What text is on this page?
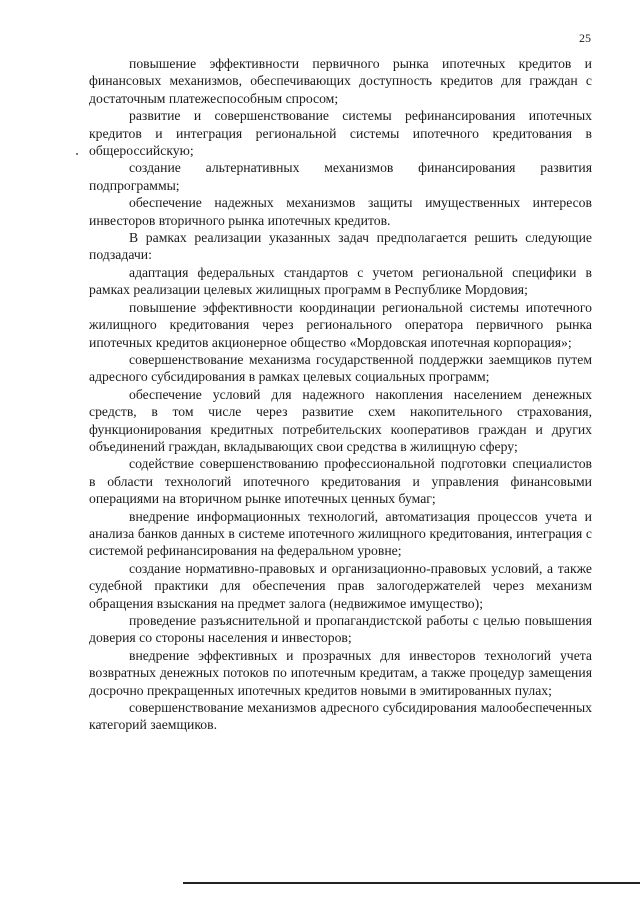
25

повышение эффективности первичного рынка ипотечных кредитов и финансовых механизмов, обеспечивающих доступность кредитов для граждан с достаточным платежеспособным спросом;

развитие и совершенствование системы рефинансирования ипотечных кредитов и интеграция региональной системы ипотечного кредитования в общероссийскую;

создание альтернативных механизмов финансирования развития подпрограммы;

обеспечение надежных механизмов защиты имущественных интересов инвесторов вторичного рынка ипотечных кредитов.

В рамках реализации указанных задач предполагается решить следующие подзадачи:

адаптация федеральных стандартов с учетом региональной специфики в рамках реализации целевых жилищных программ в Республике Мордовия;

повышение эффективности координации региональной системы ипотечного жилищного кредитования через регионального оператора первичного рынка ипотечных кредитов акционерное общество «Мордовская ипотечная корпорация»;

совершенствование механизма государственной поддержки заемщиков путем адресного субсидирования в рамках целевых социальных программ;

обеспечение условий для надежного накопления населением денежных средств, в том числе через развитие схем накопительного страхования, функционирования кредитных потребительских кооперативов граждан и других объединений граждан, вкладывающих свои средства в жилищную сферу;

содействие совершенствованию профессиональной подготовки специалистов в области технологий ипотечного кредитования и управления финансовыми операциями на вторичном рынке ипотечных ценных бумаг;

внедрение информационных технологий, автоматизация процессов учета и анализа банков данных в системе ипотечного жилищного кредитования, интеграция с системой рефинансирования на федеральном уровне;

создание нормативно-правовых и организационно-правовых условий, а также судебной практики для обеспечения прав залогодержателей через механизм обращения взыскания на предмет залога (недвижимое имущество);

проведение разъяснительной и пропагандистской работы с целью повышения доверия со стороны населения и инвесторов;

внедрение эффективных и прозрачных для инвесторов технологий учета возвратных денежных потоков по ипотечным кредитам, а также процедур замещения досрочно прекращенных ипотечных кредитов новыми в эмитированных пулах;

совершенствование механизмов адресного субсидирования малообеспеченных категорий заемщиков.
